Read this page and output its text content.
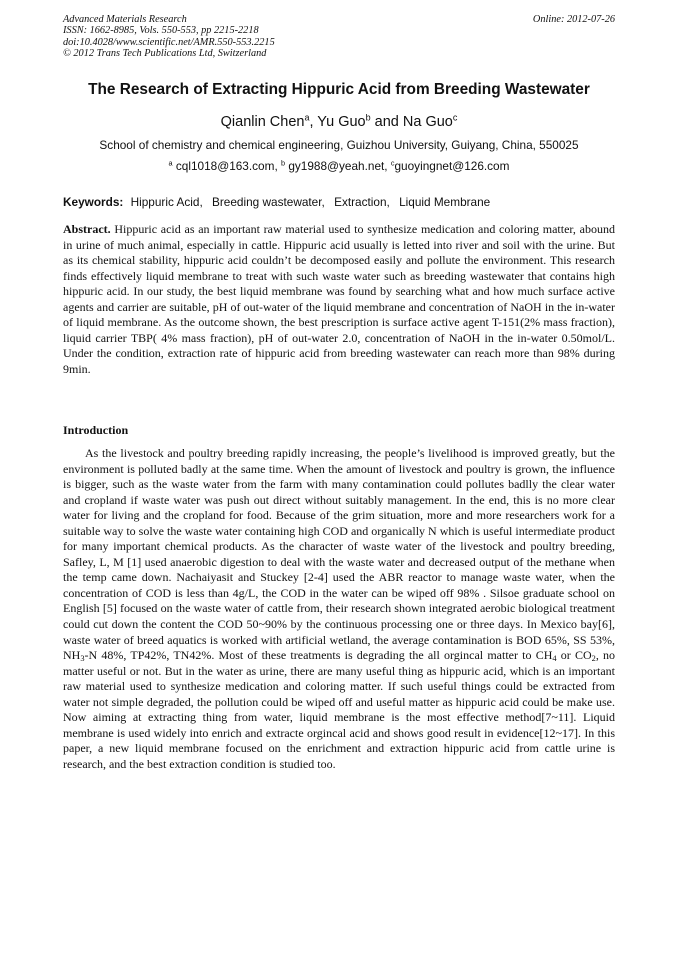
Advanced Materials Research
ISSN: 1662-8985, Vols. 550-553, pp 2215-2218
doi:10.4028/www.scientific.net/AMR.550-553.2215
© 2012 Trans Tech Publications Ltd, Switzerland
Online: 2012-07-26
The Research of Extracting Hippuric Acid from Breeding Wastewater
Qianlin Chen$^a$, Yu Guo$^b$ and Na Guo$^c$
School of chemistry and chemical engineering, Guizhou University, Guiyang, China, 550025
$^a$ cql1018@163.com, $^b$ gy1988@yeah.net, $^c$guoyingnet@126.com
Keywords: Hippuric Acid, Breeding wastewater, Extraction, Liquid Membrane

Abstract. Hippuric acid as an important raw material used to synthesize medication and coloring matter, abound in urine of much animal, especially in cattle. Hippuric acid usually is letted into river and soil with the urine. But as its chemical stability, hippuric acid couldn’t be decomposed easily and pollute the environment. This research finds effectively liquid membrane to treat with such waste water such as breeding wastewater that contains high hippuric acid. In our study, the best liquid membrane was found by searching what and how much surface active agents and carrier are suitable, pH of out-water of the liquid membrane and concentration of NaOH in the in-water of liquid membrane. As the outcome shown, the best prescription is surface active agent T-151(2% mass fraction), liquid carrier TBP( 4% mass fraction), pH of out-water 2.0, concentration of NaOH in the in-water 0.50mol/L. Under the condition, extraction rate of hippuric acid from breeding wastewater can reach more than 98% during 9min.

Introduction

As the livestock and poultry breeding rapidly increasing, the people’s livelihood is improved greatly, but the environment is polluted badly at the same time. When the amount of livestock and poultry is grown, the influence is bigger, such as the waste water from the farm with many contamination could pollutes badlly the clear water and cropland if waste water was push out direct without suitably management. In the end, this is no more clear water for living and the cropland for food. Because of the grim situation, more and more researchers work for a suitable way to solve the waste water containing high COD and organically N which is useful intermediate product for many important chemical products. As the character of waste water of the livestock and poultry breeding, Safley, L, M [1] used anaerobic digestion to deal with the waste water and decreased output of the methane when the temp came down. Nachaiyasit and Stuckey [2-4] used the ABR reactor to manage waste water, when the concentration of COD is less than 4g/L, the COD in the water can be wiped off 98% . Silsoe graduate school on English [5] focused on the waste water of cattle from, their research shown integrated aerobic biological treatment could cut down the content the COD 50~90% by the continuous processing one or three days. In Mexico bay[6], waste water of breed aquatics is worked with artificial wetland, the average contamination is BOD 65%, SS 53%, $NH_3-N$ 48%, TP42%, TN42%. Most of these treatments is degrading the all orgincal matter to $CH_4$ or $CO_2$, no matter useful or not. But in the water as urine, there are many useful thing as hippuric acid, which is an important raw material used to synthesize medication and coloring matter. If such useful things could be extracted from water not simple degraded, the pollution could be wiped off and useful matter as hippuric acid could be make use. Now aiming at extracting thing from water, liquid membrane is the most effective method[7~11]. Liquid membrane is used widely into enrich and extracte orgincal acid and shows good result in evidence[12~17]. In this paper, a new liquid membrane focused on the enrichment and extraction hippuric acid from cattle urine is research, and the best extraction condition is studied too.
